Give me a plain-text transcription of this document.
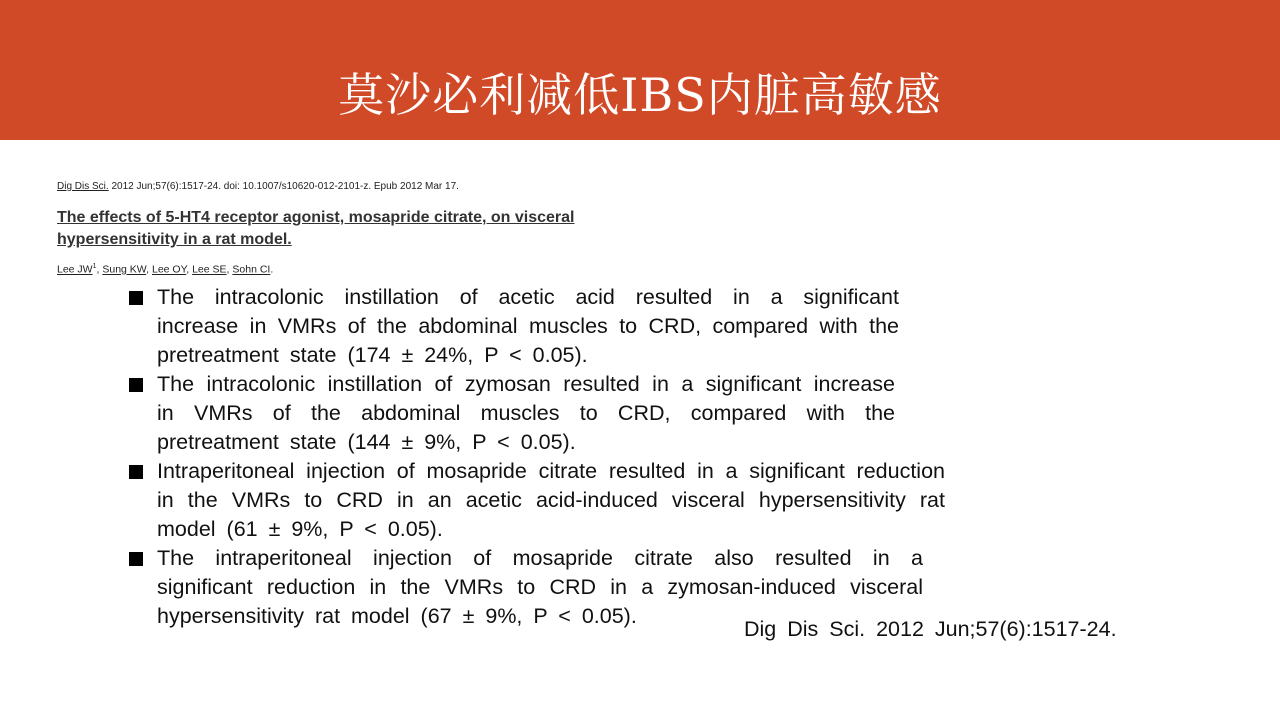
莫沙必利减低IBS内脏高敏感
Dig Dis Sci. 2012 Jun;57(6):1517-24. doi: 10.1007/s10620-012-2101-z. Epub 2012 Mar 17.
The effects of 5-HT4 receptor agonist, mosapride citrate, on visceral hypersensitivity in a rat model.
Lee $JW^1$, Sung KW, Lee OY, Lee SE, Sohn CI.
The intracolonic instillation of acetic acid resulted in a significant increase in VMRs of the abdominal muscles to CRD, compared with the pretreatment state (174 ± 24%, P < 0.05).
The intracolonic instillation of zymosan resulted in a significant increase in VMRs of the abdominal muscles to CRD, compared with the pretreatment state (144 ± 9%, P < 0.05).
Intraperitoneal injection of mosapride citrate resulted in a significant reduction in the VMRs to CRD in an acetic acid-induced visceral hypersensitivity rat model (61 ± 9%, P < 0.05).
The intraperitoneal injection of mosapride citrate also resulted in a significant reduction in the VMRs to CRD in a zymosan-induced visceral hypersensitivity rat model (67 ± 9%, P < 0.05).
Dig Dis Sci. 2012 Jun;57(6):1517-24.
